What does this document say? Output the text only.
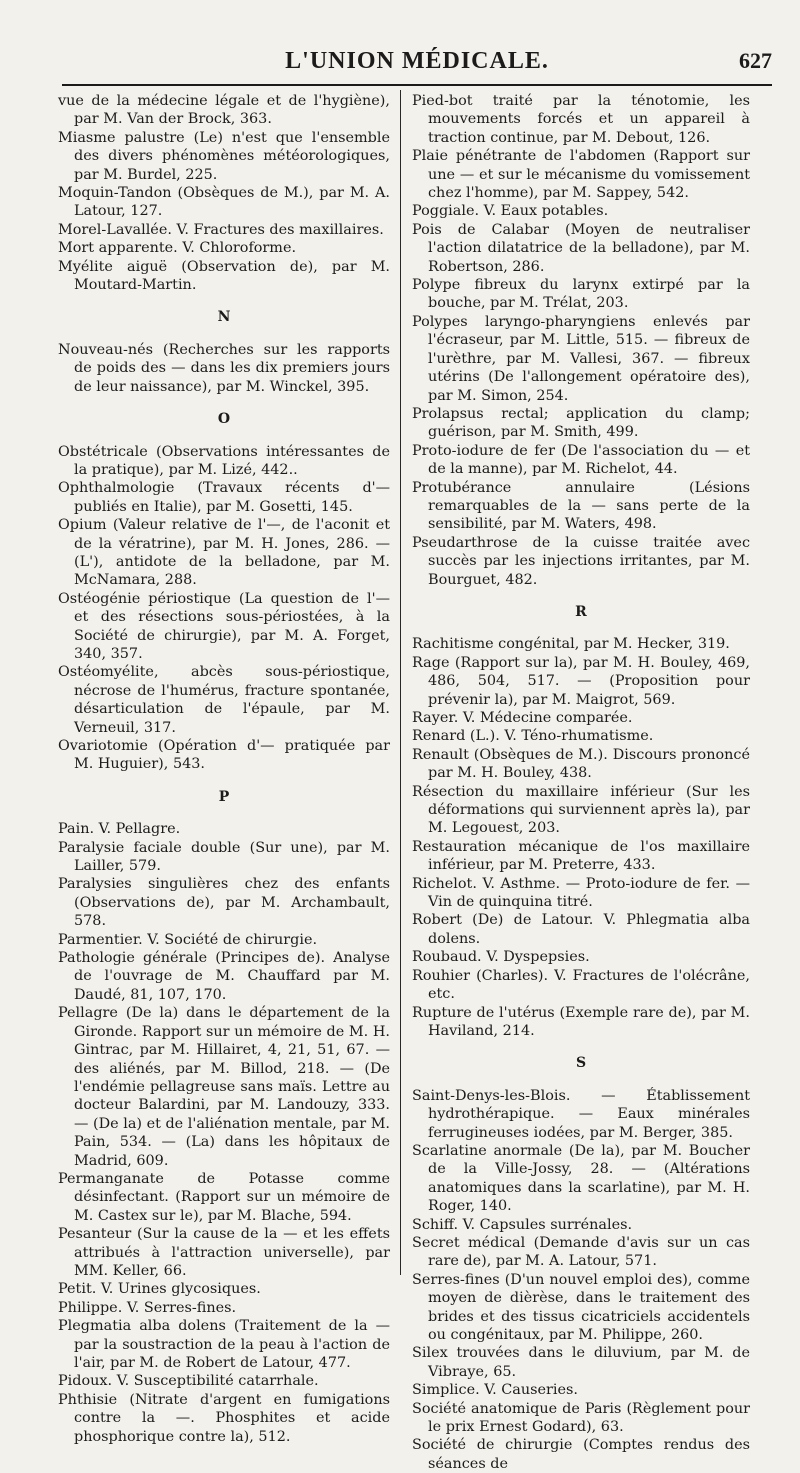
L'UNION MÉDICALE.	627
vue de la médecine légale et de l'hygiène), par M. Van der Brock, 363.
Miasme palustre (Le) n'est que l'ensemble des divers phénomènes météorologiques, par M. Burdel, 225.
Moquin-Tandon (Obsèques de M.), par M. A. Latour, 127.
Morel-Lavallée. V. Fractures des maxillaires.
Mort apparente. V. Chloroforme.
Myélite aiguë (Observation de), par M. Moutard-Martin.
N
Nouveau-nés (Recherches sur les rapports de poids des — dans les dix premiers jours de leur naissance), par M. Winckel, 395.
O
Obstétricale (Observations intéressantes de la pratique), par M. Lizé, 442..
Ophthalmologie (Travaux récents d'— publiés en Italie), par M. Gosetti, 145.
Opium (Valeur relative de l'—, de l'aconit et de la vératrine), par M. H. Jones, 286. — (L'), antidote de la belladone, par M. McNamara, 288.
Ostéogénie périostique (La question de l'— et des résections sous-périostées, à la Société de chirurgie), par M. A. Forget, 340, 357.
Ostéomyélite, abcès sous-périostique, nécrose de l'humérus, fracture spontanée, désarticulation de l'épaule, par M. Verneuil, 317.
Ovariotomie (Opération d'— pratiquée par M. Huguier), 543.
P
Pain. V. Pellagre.
Paralysie faciale double (Sur une), par M. Lailler, 579.
Paralysies singulières chez des enfants (Observations de), par M. Archambault, 578.
Parmentier. V. Société de chirurgie.
Pathologie générale (Principes de). Analyse de l'ouvrage de M. Chauffard par M. Daudé, 81, 107, 170.
Pellagre (De la) dans le département de la Gironde. Rapport sur un mémoire de M. H. Gintrac, par M. Hillairet, 4, 21, 51, 67. — des aliénés, par M. Billod, 218. — (De l'endémie pellagreuse sans maïs. Lettre au docteur Balardini, par M. Landouzy, 333. — (De la) et de l'aliénation mentale, par M. Pain, 534. — (La) dans les hôpitaux de Madrid, 609.
Permanganate de Potasse comme désinfectant. (Rapport sur un mémoire de M. Castex sur le), par M. Blache, 594.
Pesanteur (Sur la cause de la — et les effets attribués à l'attraction universelle), par MM. Keller, 66.
Petit. V. Urines glycosiques.
Philippe. V. Serres-fines.
Plegmatia alba dolens (Traitement de la — par la soustraction de la peau à l'action de l'air, par M. de Robert de Latour, 477.
Pidoux. V. Susceptibilité catarrhale.
Phthisie (Nitrate d'argent en fumigations contre la —. Phosphites et acide phosphorique contre la), 512.
Pied-bot traité par la ténotomie, les mouvements forcés et un appareil à traction continue, par M. Debout, 126.
Plaie pénétrante de l'abdomen (Rapport sur une — et sur le mécanisme du vomissement chez l'homme), par M. Sappey, 542.
Poggiale. V. Eaux potables.
Pois de Calabar (Moyen de neutraliser l'action dilatatrice de la belladone), par M. Robertson, 286.
Polype fibreux du larynx extirpé par la bouche, par M. Trélat, 203.
Polypes laryngo-pharyngiens enlevés par l'écraseur, par M. Little, 515. — fibreux de l'urèthre, par M. Vallesi, 367. — fibreux utérins (De l'allongement opératoire des), par M. Simon, 254.
Prolapsus rectal; application du clamp; guérison, par M. Smith, 499.
Proto-iodure de fer (De l'association du — et de la manne), par M. Richelot, 44.
Protubérance annulaire (Lésions remarquables de la — sans perte de la sensibilité, par M. Waters, 498.
Pseudarthrose de la cuisse traitée avec succès par les injections irritantes, par M. Bourguet, 482.
R
Rachitisme congénital, par M. Hecker, 319.
Rage (Rapport sur la), par M. H. Bouley, 469, 486, 504, 517. — (Proposition pour prévenir la), par M. Maigrot, 569.
Rayer. V. Médecine comparée.
Renard (L.). V. Téno-rhumatisme.
Renault (Obsèques de M.). Discours prononcé par M. H. Bouley, 438.
Résection du maxillaire inférieur (Sur les déformations qui surviennent après la), par M. Legouest, 203.
Restauration mécanique de l'os maxillaire inférieur, par M. Preterre, 433.
Richelot. V. Asthme. — Proto-iodure de fer. — Vin de quinquina titré.
Robert (De) de Latour. V. Phlegmatia alba dolens.
Roubaud. V. Dyspepsies.
Rouhier (Charles). V. Fractures de l'olécrâne, etc.
Rupture de l'utérus (Exemple rare de), par M. Haviland, 214.
S
Saint-Denys-les-Blois. — Établissement hydrothérapique. — Eaux minérales ferrugineuses iodées, par M. Berger, 385.
Scarlatine anormale (De la), par M. Boucher de la Ville-Jossy, 28. — (Altérations anatomiques dans la scarlatine), par M. H. Roger, 140.
Schiff. V. Capsules surrénales.
Secret médical (Demande d'avis sur un cas rare de), par M. A. Latour, 571.
Serres-fines (D'un nouvel emploi des), comme moyen de dièrèse, dans le traitement des brides et des tissus cicatriciels accidentels ou congénitaux, par M. Philippe, 260.
Silex trouvées dans le diluvium, par M. de Vibraye, 65.
Simplice. V. Causeries.
Société anatomique de Paris (Règlement pour le prix Ernest Godard), 63.
Société de chirurgie (Comptes rendus des séances de
